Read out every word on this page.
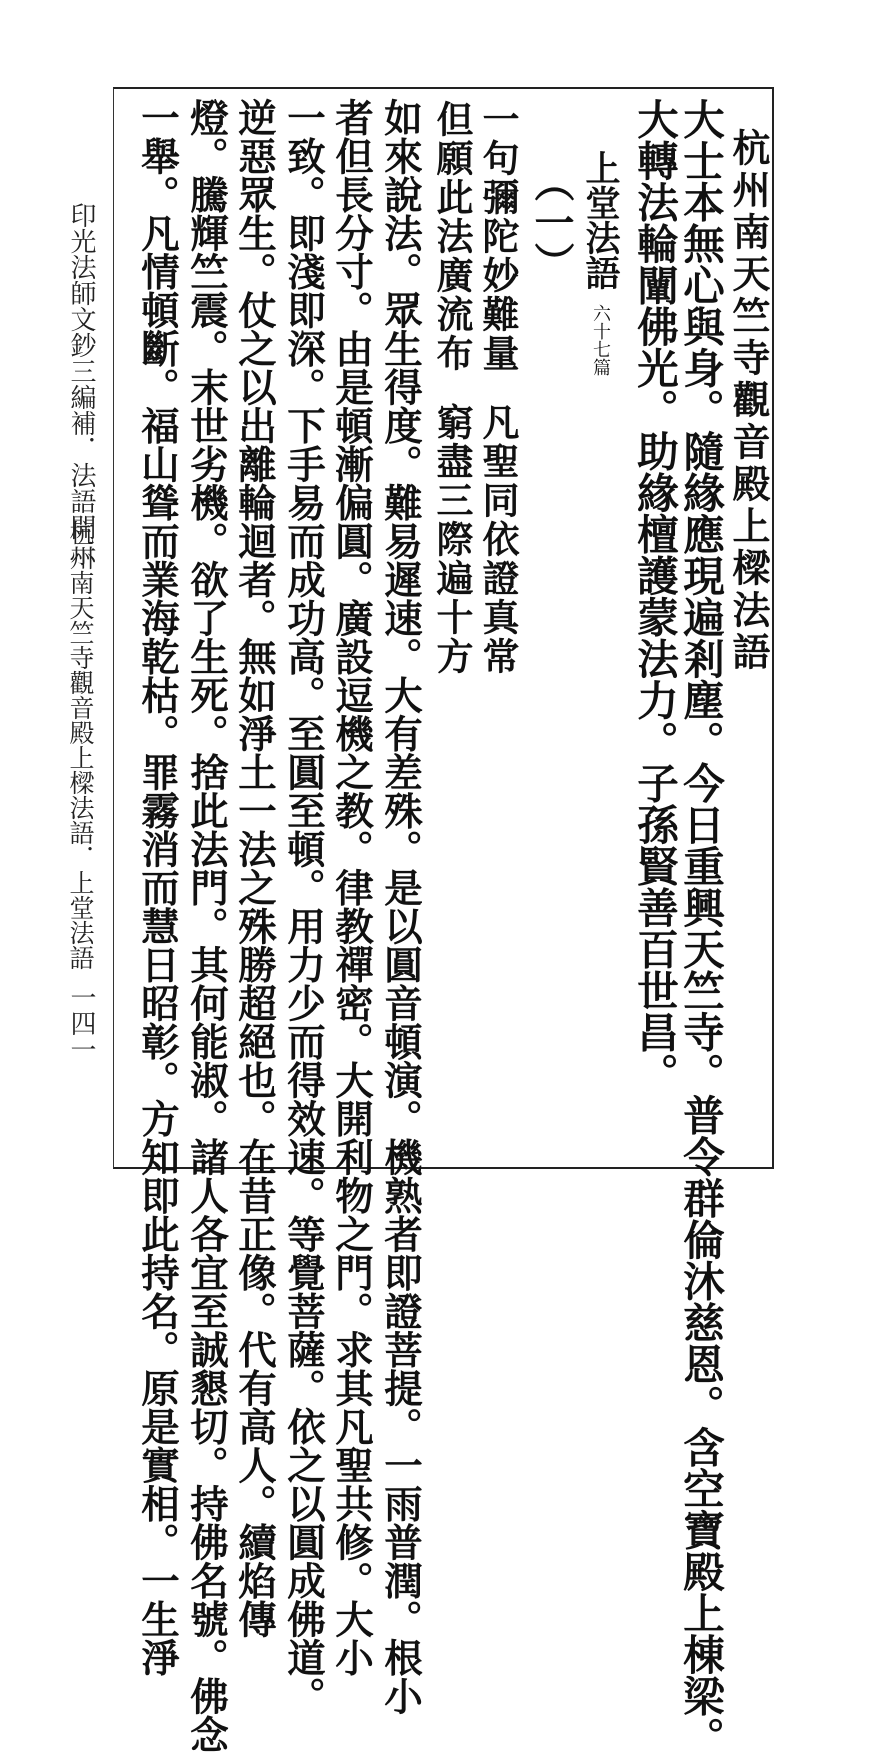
杭州南天竺寺觀音殿上樑法語
大士本無心與身。隨緣應現遍剎塵。今日重興天竺寺。普令群倫沐慈恩。含空寶殿上棟梁。
大轉法輪闡佛光。助緣檀護蒙法力。子孫賢善百世昌。
上堂法語六十七篇
（一）
一句彌陀妙難量凡聖同依證真常
但願此法廣流布窮盡三際遍十方
如來說法。眾生得度。難易遲速。大有差殊。是以圓音頓演。機熟者即證菩提。一雨普潤。根小
者但長分寸。由是頓漸偏圓。廣設逗機之教。律教禪密。大開利物之門。求其凡聖共修。大小
一致。即淺即深。下手易而成功高。至圓至頓。用力少而得效速。等覺菩薩。依之以圓成佛道。
逆惡眾生。仗之以出離輪迴者。無如淨土一法之殊勝超絕也。在昔正像。代有高人。續焰傳
燈。騰輝竺震。末世劣機。欲了生死。捨此法門。其何能淑。諸人各宜至誠懇切。持佛名號。佛念
一舉。凡情頓斷。福山聳而業海乾枯。罪霧消而慧日昭彰。方知即此持名。原是實相。一生淨
印光法師文鈔三編補．法語開示
杭州南天竺寺觀音殿上樑法語．上堂法語
一四一
